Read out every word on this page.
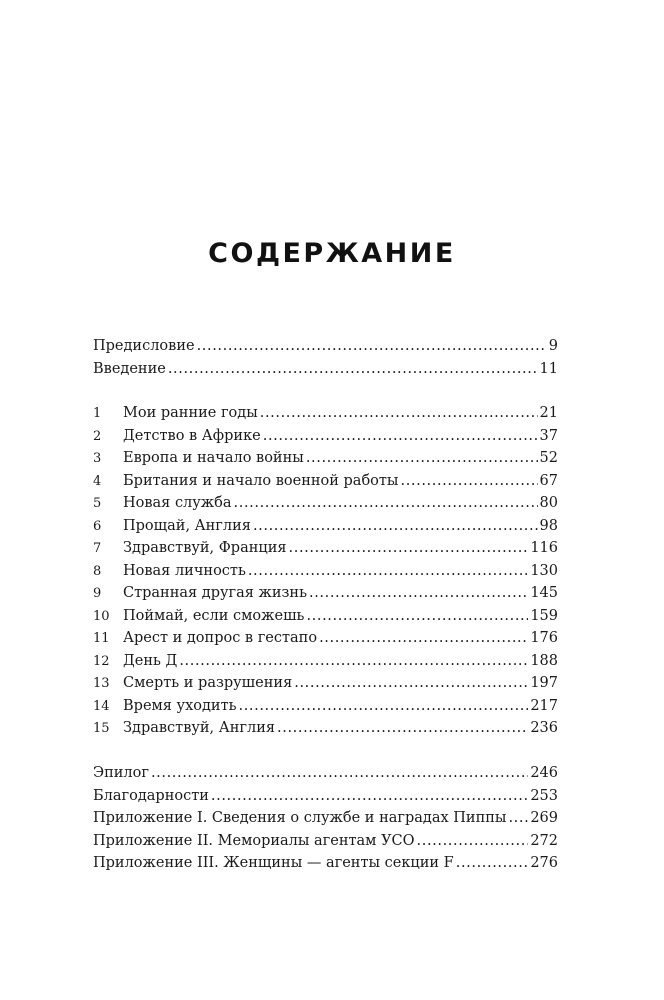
СОДЕРЖАНИЕ
Предисловие .....	9
Введение .....	11
1	Мои ранние годы .....	21
2	Детство в Африке .....	37
3	Европа и начало войны .....	52
4	Британия и начало военной работы .....	67
5	Новая служба .....	80
6	Прощай, Англия .....	98
7	Здравствуй, Франция .....	116
8	Новая личность .....	130
9	Странная другая жизнь .....	145
10 Поймай, если сможешь .....	159
11 Арест и допрос в гестапо .....	176
12 День Д .....	188
13 Смерть и разрушения .....	197
14 Время уходить .....	217
15 Здравствуй, Англия .....	236
Эпилог .....	246
Благодарности .....	253
Приложение I. Сведения о службе и наградах Пиппы ..... 269
Приложение II. Мемориалы агентам УСО .....	272
Приложение III. Женщины — агенты секции F .....	276
